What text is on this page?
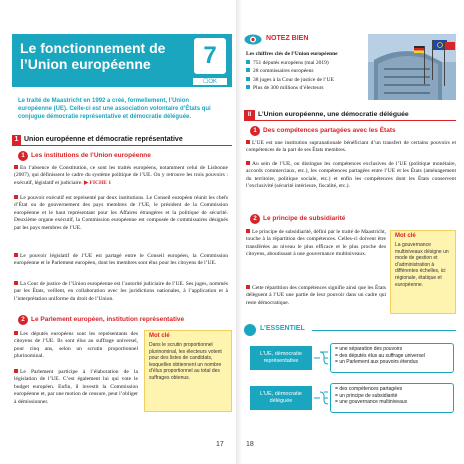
Le fonctionnement de l’Union européenne	7
☐OK
Le traité de Maastricht en 1992 a créé, formellement, l’Union européenne (UE). Celle-ci est une association volontaire d’États qui conjugue démocratie représentative et démocratie déléguée.
1 Union européenne et démocratie représentative
1 Les institutions de l’Union européenne
En l’absence de Constitution, ce sont les traités européens, notamment celui de Lisbonne (2007), qui définissent le cadre du système politique de l’UE. On y retrouve les trois pouvoirs : exécutif, législatif et judiciaire. ▶ FICHE 1
Le pouvoir exécutif est représenté par deux institutions. Le Conseil européen réunit les chefs d’État ou de gouvernement des pays membres de l’UE, le président de la Commission européenne et le haut représentant pour les Affaires étrangères et la politique de sécurité. Deuxième organe exécutif, la Commission européenne est composée de commissaires désignés par les pays membres de l’UE.
Le pouvoir législatif de l’UE est partagé entre le Conseil européen, la Commission européenne et le Parlement européen, dont les membres sont élus pour les citoyens de l’UE.
La Cour de justice de l’Union européenne est l’autorité judiciaire de l’UE. Ses juges, nommés par les États, veillent, en collaboration avec les juridictions nationales, à l’application et à l’interprétation uniforme du droit de l’Union.
2 Le Parlement européen, institution représentative
Les députés européens sont les représentants des citoyens de l’UE. Ils sont élus au suffrage universel, pour cinq ans, selon un scrutin proportionnel plurinominal.
Le Parlement participe à l’élaboration de la législation de l’UE. C’est également lui qui vote le budget européen. Enfin, il investit la Commission européenne et, par une motion de censure, peut l’obliger à démissionner.
Mot clé
Dans le scrutin proportionnel plurinominal, les électeurs votent pour des listes de candidats, lesquelles obtiennent un nombre d’élus proportionnel au total des suffrages obtenus.
17
NOTEZ BIEN
Les chiffres clés de l’Union européenne
751 députés européens (mai 2019)
28 commissaires européens
38 juges à la Cour de justice de l’UE
Plus de 300 millions d’électeurs
II	L’Union européenne, une démocratie déléguée
1 Des compétences partagées avec les États
L’UE est une institution supranationale bénéficiant d’un transfert de certains pouvoirs et compétences de la part de ses États membres.
Au sein de l’UE, on distingue les compétences exclusives de l’UE (politique monétaire, accords commerciaux, etc.), les compétences partagées entre l’UE et les États (aménagement du territoire, politique sociale, etc.) et enfin les compétences dont les États conservent l’exclusivité (sécurité intérieure, fiscalité, etc.).
2 Le principe de subsidiarité
Le principe de subsidiarité, défini par le traité de Maastricht, touche à la répartition des compétences. Celles-ci doivent être transférées au niveau le plus efficace et le plus proche des citoyens, aboutissant à une gouvernance multiniveaux.
Cette répartition des compétences signifie ainsi que les États délèguent à l’UE une partie de leur pouvoir dans un cadre qui reste démocratique.
Mot clé
La gouvernance multiniveaux désigne un mode de gestion et d’administration à différentes échelles, ici régionale, étatique et européenne.
L’ESSENTIEL
L’UE, démocratie représentative
= une séparation des pouvoirs
= des députés élus au suffrage universel
= un Parlement aux pouvoirs étendus
L’UE, démocratie déléguée
= des compétences partagées
= un principe de subsidiarité
= une gouvernance multiniveaux
18
